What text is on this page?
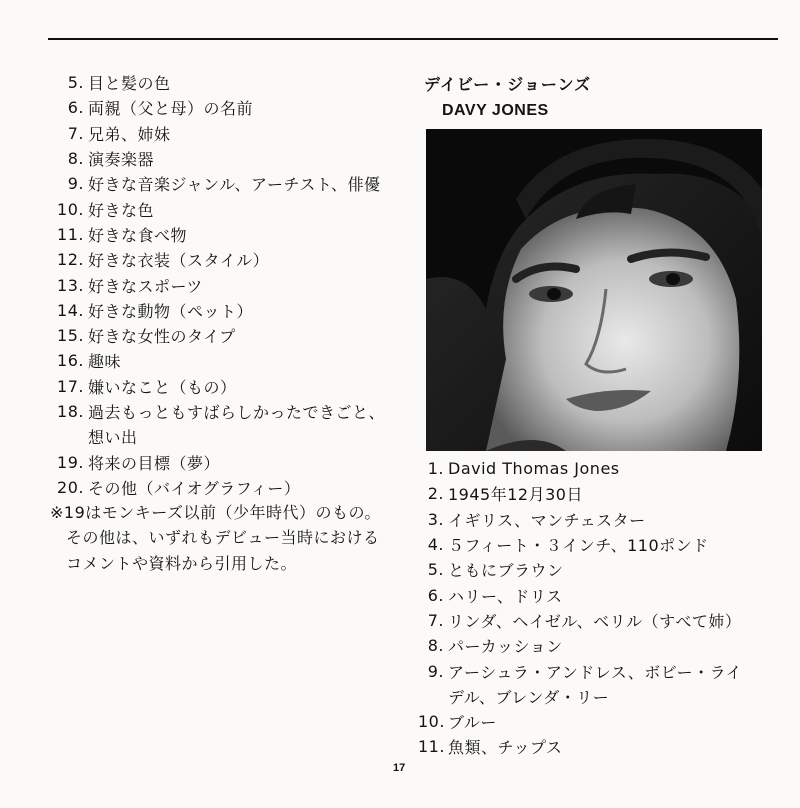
5. 目と髪の色
6. 両親（父と母）の名前
7. 兄弟、姉妹
8. 演奏楽器
9. 好きな音楽ジャンル、アーチスト、俳優
10. 好きな色
11. 好きな食べ物
12. 好きな衣装（スタイル）
13. 好きなスポーツ
14. 好きな動物（ペット）
15. 好きな女性のタイプ
16. 趣味
17. 嫌いなこと（もの）
18. 過去もっともすばらしかったできごと、
想い出
19. 将来の目標（夢）
20. その他（バイオグラフィー）
※19はモンキーズ以前（少年時代）のもの。
その他は、いずれもデビュー当時における
コメントや資料から引用した。
デイビー・ジョーンズ
DAVY JONES
1. David Thomas Jones
2. 1945年12月30日
3. イギリス、マンチェスター
4. ５フィート・３インチ、110ポンド
5. ともにブラウン
6. ハリー、ドリス
7. リンダ、ヘイゼル、ベリル（すべて姉）
8. パーカッション
9. アーシュラ・アンドレス、ボビー・ライ
デル、ブレンダ・リー
10. ブルー
11. 魚類、チップス
17
